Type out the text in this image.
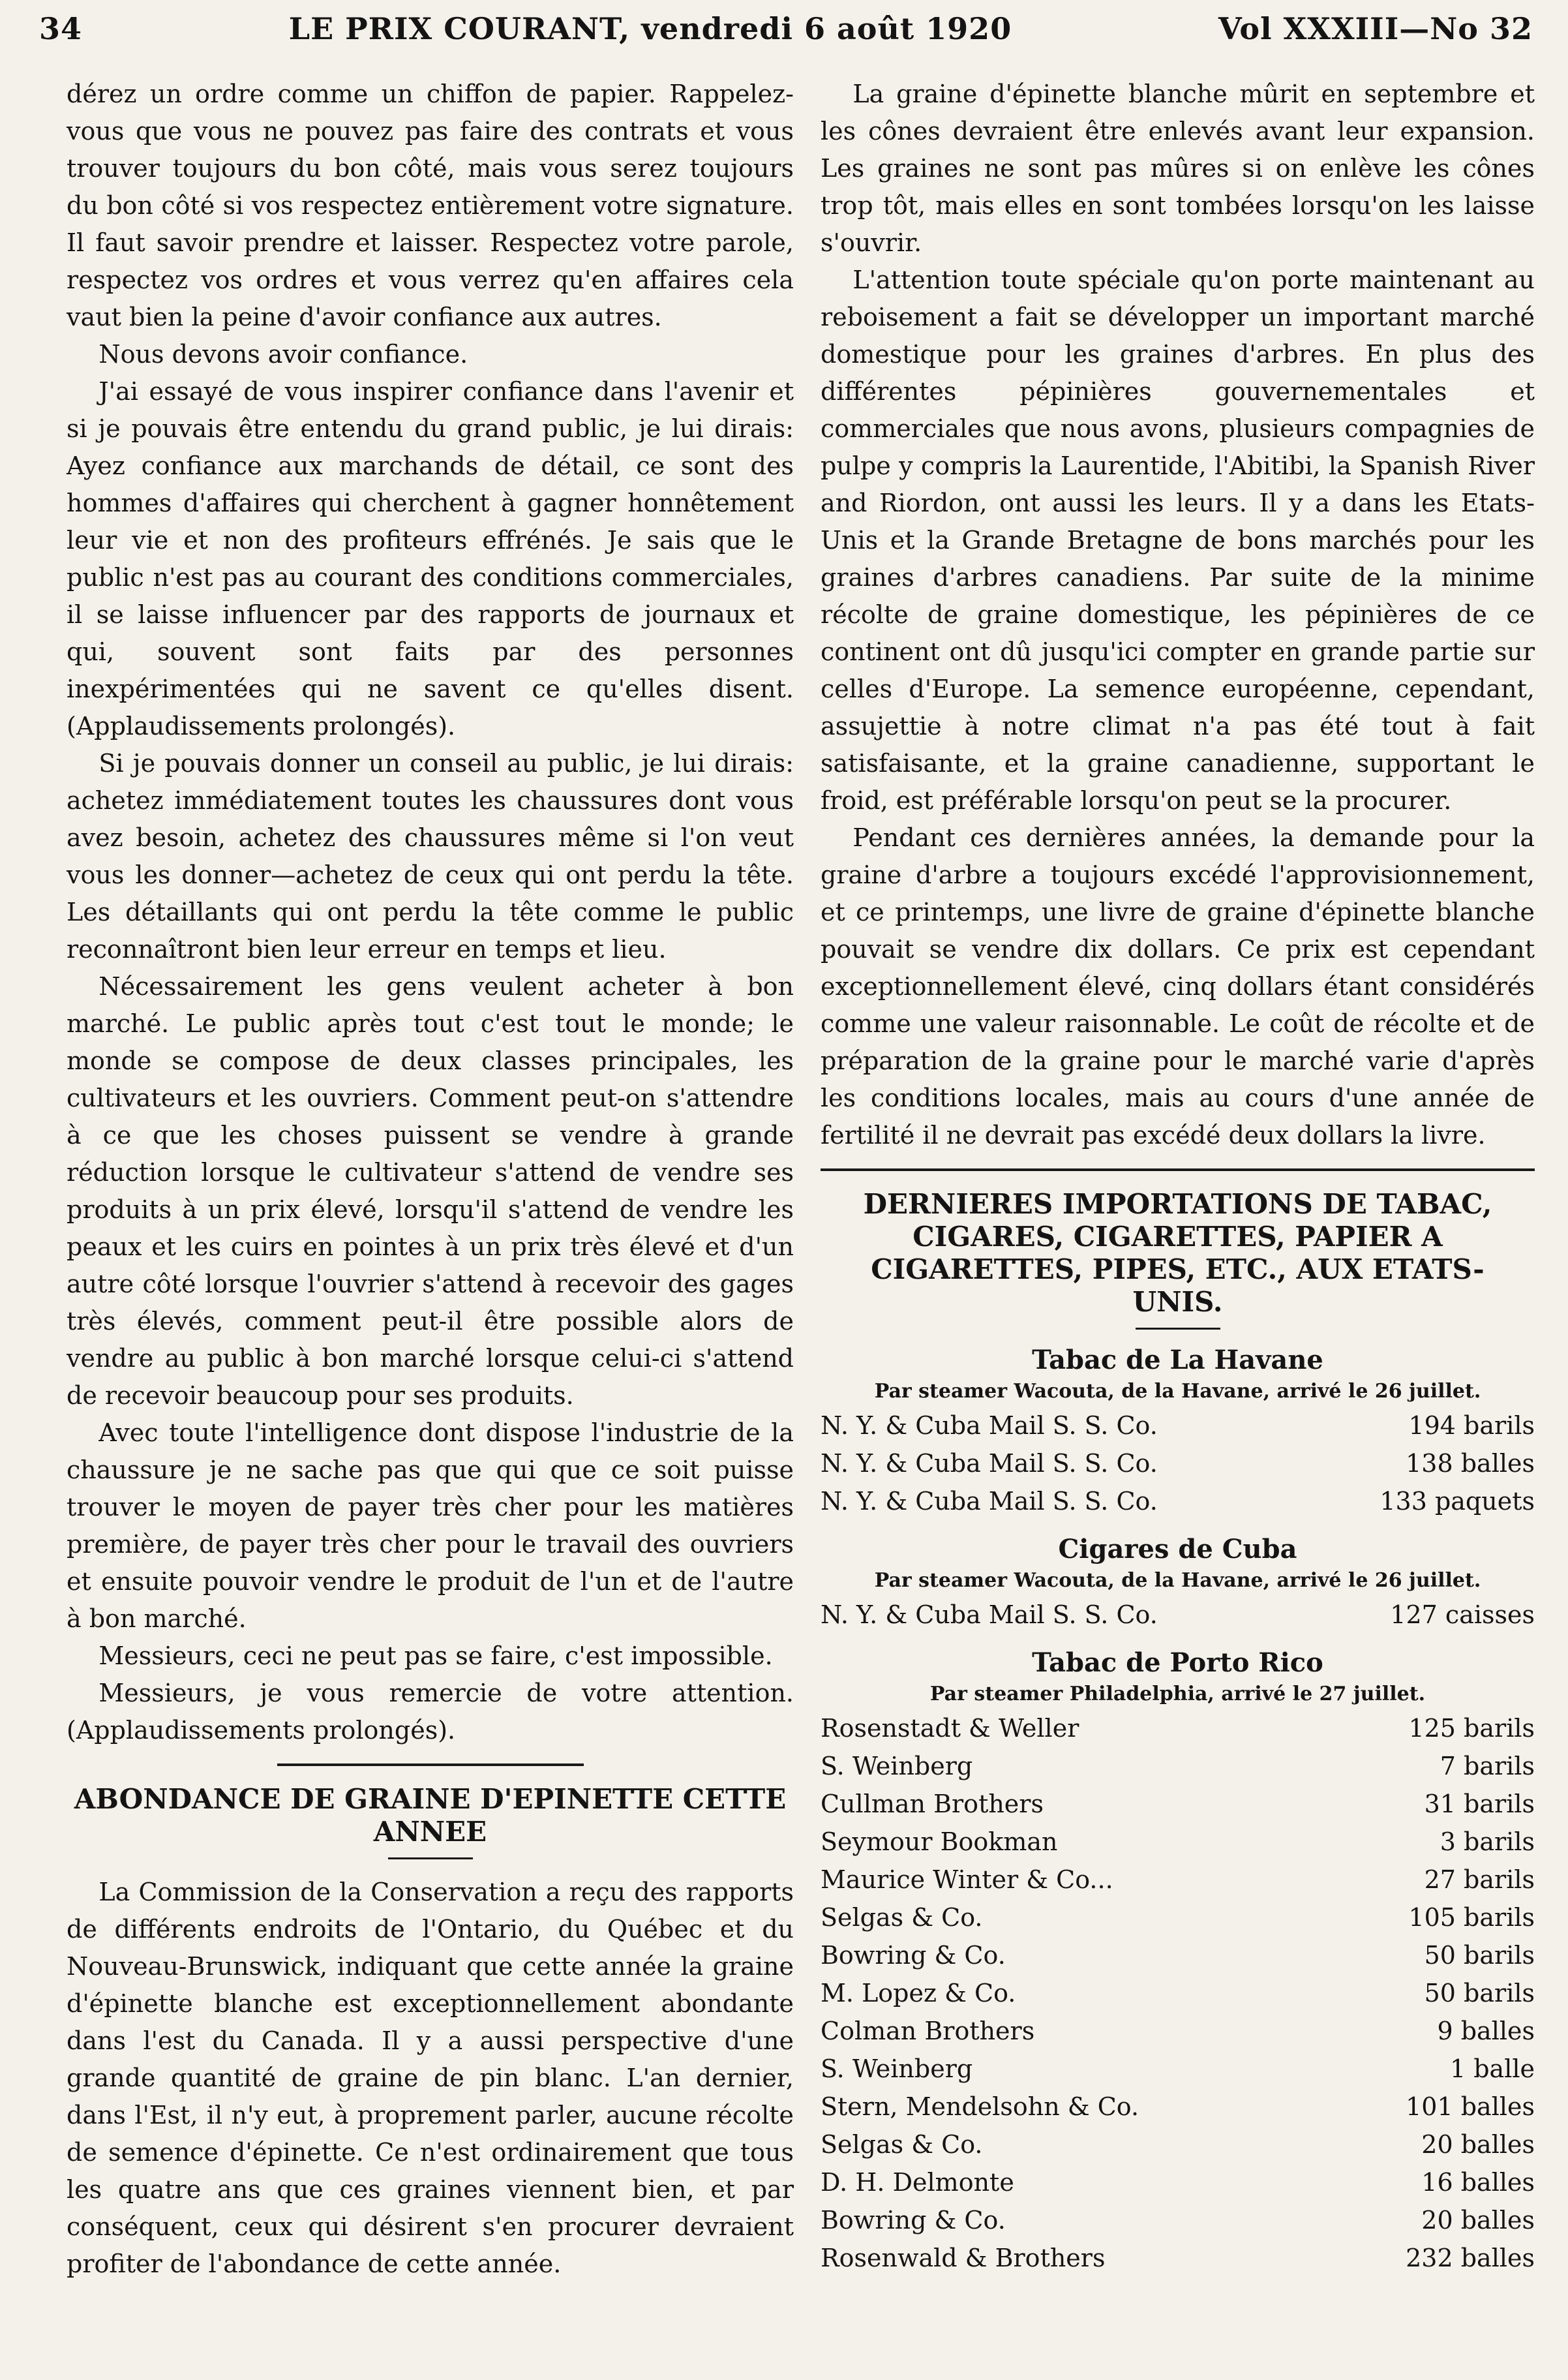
34	LE PRIX COURANT, vendredi 6 août 1920	Vol XXXIII—No 32

dérez un ordre comme un chiffon de papier. Rappelez-vous que vous ne pouvez pas faire des contrats et vous trouver toujours du bon côté, mais vous serez toujours du bon côté si vos respectez entièrement votre signature. Il faut savoir prendre et laisser. Respectez votre parole, respectez vos ordres et vous verrez qu'en affaires cela vaut bien la peine d'avoir confiance aux autres.

Nous devons avoir confiance.

J'ai essayé de vous inspirer confiance dans l'avenir et si je pouvais être entendu du grand public, je lui dirais: Ayez confiance aux marchands de détail, ce sont des hommes d'affaires qui cherchent à gagner honnêtement leur vie et non des profiteurs effrénés. Je sais que le public n'est pas au courant des conditions commerciales, il se laisse influencer par des rapports de journaux et qui, souvent sont faits par des personnes inexpérimentées qui ne savent ce qu'elles disent. (Applaudissements prolongés).

Si je pouvais donner un conseil au public, je lui dirais: achetez immédiatement toutes les chaussures dont vous avez besoin, achetez des chaussures même si l'on veut vous les donner—achetez de ceux qui ont perdu la tête. Les détaillants qui ont perdu la tête comme le public reconnaîtront bien leur erreur en temps et lieu.

Nécessairement les gens veulent acheter à bon marché. Le public après tout c'est tout le monde; le monde se compose de deux classes principales, les cultivateurs et les ouvriers. Comment peut-on s'attendre à ce que les choses puissent se vendre à grande réduction lorsque le cultivateur s'attend de vendre ses produits à un prix élevé, lorsqu'il s'attend de vendre les peaux et les cuirs en pointes à un prix très élevé et d'un autre côté lorsque l'ouvrier s'attend à recevoir des gages très élevés, comment peut-il être possible alors de vendre au public à bon marché lorsque celui-ci s'attend de recevoir beaucoup pour ses produits.

Avec toute l'intelligence dont dispose l'industrie de la chaussure je ne sache pas que qui que ce soit puisse trouver le moyen de payer très cher pour les matières première, de payer très cher pour le travail des ouvriers et ensuite pouvoir vendre le produit de l'un et de l'autre à bon marché.

Messieurs, ceci ne peut pas se faire, c'est impossible.

Messieurs, je vous remercie de votre attention. (Applaudissements prolongés).

ABONDANCE DE GRAINE D'EPINETTE CETTE ANNEE

La Commission de la Conservation a reçu des rapports de différents endroits de l'Ontario, du Québec et du Nouveau-Brunswick, indiquant que cette année la graine d'épinette blanche est exceptionnellement abondante dans l'est du Canada. Il y a aussi perspective d'une grande quantité de graine de pin blanc. L'an dernier, dans l'Est, il n'y eut, à proprement parler, aucune récolte de semence d'épinette. Ce n'est ordinairement que tous les quatre ans que ces graines viennent bien, et par conséquent, ceux qui désirent s'en procurer devraient profiter de l'abondance de cette année.

La graine d'épinette blanche mûrit en septembre et les cônes devraient être enlevés avant leur expansion. Les graines ne sont pas mûres si on enlève les cônes trop tôt, mais elles en sont tombées lorsqu'on les laisse s'ouvrir.

L'attention toute spéciale qu'on porte maintenant au reboisement a fait se développer un important marché domestique pour les graines d'arbres. En plus des différentes pépinières gouvernementales et commerciales que nous avons, plusieurs compagnies de pulpe y compris la Laurentide, l'Abitibi, la Spanish River and Riordon, ont aussi les leurs. Il y a dans les Etats-Unis et la Grande Bretagne de bons marchés pour les graines d'arbres canadiens. Par suite de la minime récolte de graine domestique, les pépinières de ce continent ont dû jusqu'ici compter en grande partie sur celles d'Europe. La semence européenne, cependant, assujettie à notre climat n'a pas été tout à fait satisfaisante, et la graine canadienne, supportant le froid, est préférable lorsqu'on peut se la procurer.

Pendant ces dernières années, la demande pour la graine d'arbre a toujours excédé l'approvisionnement, et ce printemps, une livre de graine d'épinette blanche pouvait se vendre dix dollars. Ce prix est cependant exceptionnellement élevé, cinq dollars étant considérés comme une valeur raisonnable. Le coût de récolte et de préparation de la graine pour le marché varie d'après les conditions locales, mais au cours d'une année de fertilité il ne devrait pas excédé deux dollars la livre.

DERNIERES IMPORTATIONS DE TABAC, CIGARES, CIGARETTES, PAPIER A CIGARETTES, PIPES, ETC., AUX ETATS-UNIS.
Tabac de La Havane
Par steamer Wacouta, de la Havane, arrivé le 26 juillet.
N. Y. & Cuba Mail S. S. Co.	194 barils
N. Y. & Cuba Mail S. S. Co.	138 balles
N. Y. & Cuba Mail S. S. Co.	133 paquets
Cigares de Cuba
Par steamer Wacouta, de la Havane, arrivé le 26 juillet.
N. Y. & Cuba Mail S. S. Co.	127 caisses
Tabac de Porto Rico
Par steamer Philadelphia, arrivé le 27 juillet.
Rosenstadt & Weller	125 barils
S. Weinberg	7 barils
Cullman Brothers	31 barils
Seymour Bookman	3 barils
Maurice Winter & Co...	27 barils
Selgas & Co.	105 barils
Bowring & Co.	50 barils
M. Lopez & Co.	50 barils
Colman Brothers	9 balles
S. Weinberg	1 balle
Stern, Mendelsohn & Co.	101 balles
Selgas & Co.	20 balles
D. H. Delmonte	16 balles
Bowring & Co.	20 balles
Rosenwald & Brothers	232 balles
